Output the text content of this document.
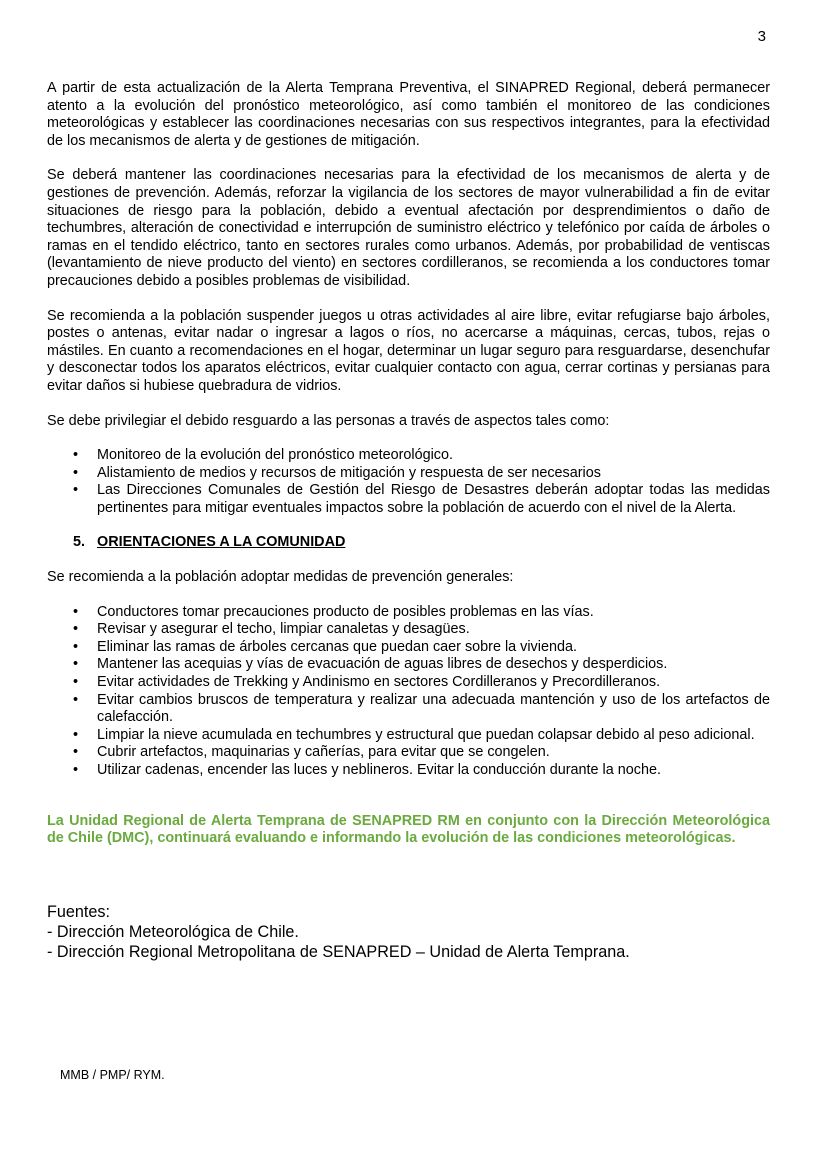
3

A partir de esta actualización de la Alerta Temprana Preventiva, el SINAPRED Regional, deberá permanecer atento a la evolución del pronóstico meteorológico, así como también el monitoreo de las condiciones meteorológicas y establecer las coordinaciones necesarias con sus respectivos integrantes, para la efectividad de los mecanismos de alerta y de gestiones de mitigación.

Se deberá mantener las coordinaciones necesarias para la efectividad de los mecanismos de alerta y de gestiones de prevención. Además, reforzar la vigilancia de los sectores de mayor vulnerabilidad a fin de evitar situaciones de riesgo para la población, debido a eventual afectación por desprendimientos o daño de techumbres, alteración de conectividad e interrupción de suministro eléctrico y telefónico por caída de árboles o ramas en el tendido eléctrico, tanto en sectores rurales como urbanos. Además, por probabilidad de ventiscas (levantamiento de nieve producto del viento) en sectores cordilleranos, se recomienda a los conductores tomar precauciones debido a posibles problemas de visibilidad.

Se recomienda a la población suspender juegos u otras actividades al aire libre, evitar refugiarse bajo árboles, postes o antenas, evitar nadar o ingresar a lagos o ríos, no acercarse a máquinas, cercas, tubos, rejas o mástiles. En cuanto a recomendaciones en el hogar, determinar un lugar seguro para resguardarse, desenchufar y desconectar todos los aparatos eléctricos, evitar cualquier contacto con agua, cerrar cortinas y persianas para evitar daños si hubiese quebradura de vidrios.

Se debe privilegiar el debido resguardo a las personas a través de aspectos tales como:

• Monitoreo de la evolución del pronóstico meteorológico.
• Alistamiento de medios y recursos de mitigación y respuesta de ser necesarios
• Las Direcciones Comunales de Gestión del Riesgo de Desastres deberán adoptar todas las medidas pertinentes para mitigar eventuales impactos sobre la población de acuerdo con el nivel de la Alerta.
5. ORIENTACIONES A LA COMUNIDAD

Se recomienda a la población adoptar medidas de prevención generales:

• Conductores tomar precauciones producto de posibles problemas en las vías.
• Revisar y asegurar el techo, limpiar canaletas y desagües.
• Eliminar las ramas de árboles cercanas que puedan caer sobre la vivienda.
• Mantener las acequias y vías de evacuación de aguas libres de desechos y desperdicios.
• Evitar actividades de Trekking y Andinismo en sectores Cordilleranos y Precordilleranos.
• Evitar cambios bruscos de temperatura y realizar una adecuada mantención y uso de los artefactos de calefacción.
• Limpiar la nieve acumulada en techumbres y estructural que puedan colapsar debido al peso adicional.
• Cubrir artefactos, maquinarias y cañerías, para evitar que se congelen.
• Utilizar cadenas, encender las luces y neblineros. Evitar la conducción durante la noche.

La Unidad Regional de Alerta Temprana de SENAPRED RM en conjunto con la Dirección Meteorológica de Chile (DMC), continuará evaluando e informando la evolución de las condiciones meteorológicas.

Fuentes:
- Dirección Meteorológica de Chile.
- Dirección Regional Metropolitana de SENAPRED – Unidad de Alerta Temprana.
MMB / PMP/ RYM.
